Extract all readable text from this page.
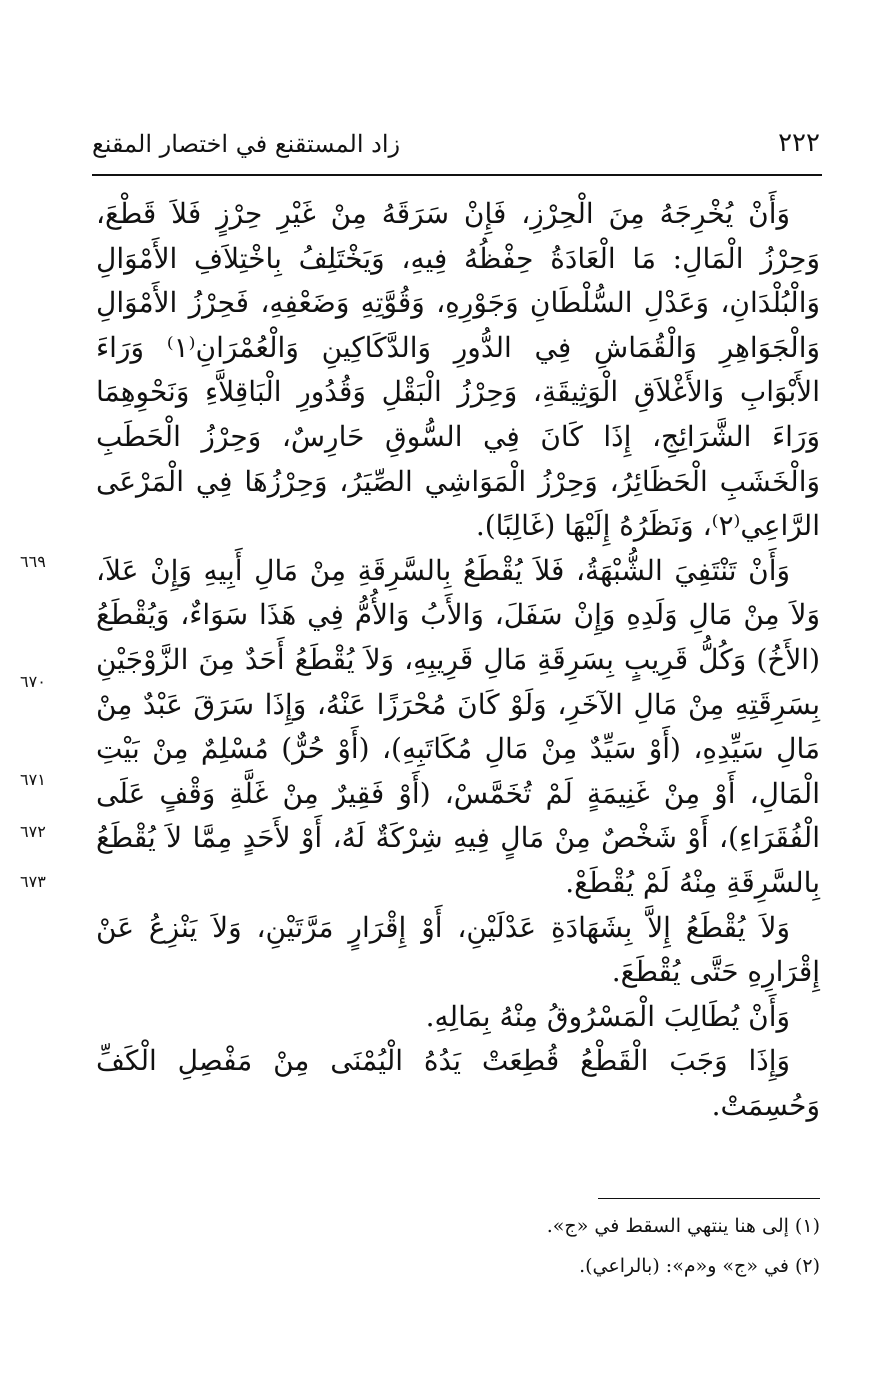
٢٢٢
زاد المستقنع في اختصار المقنع

وَأَنْ يُخْرِجَهُ مِنَ الْحِرْزِ، فَإِنْ سَرَقَهُ مِنْ غَيْرِ حِرْزٍ فَلاَ قَطْعَ، وَحِرْزُ الْمَالِ: مَا الْعَادَةُ حِفْظُهُ فِيهِ، وَيَخْتَلِفُ بِاخْتِلاَفِ الأَمْوَالِ وَالْبُلْدَانِ، وَعَدْلِ السُّلْطَانِ وَجَوْرِهِ، وَقُوَّتِهِ وَضَعْفِهِ، فَحِرْزُ الأَمْوَالِ وَالْجَوَاهِرِ وَالْقُمَاشِ فِي الدُّورِ وَالدَّكَاكِينِ وَالْعُمْرَانِ⁽١⁾ وَرَاءَ الأَبْوَابِ وَالأَغْلاَقِ الْوَثِيقَةِ، وَحِرْزُ الْبَقْلِ وَقُدُورِ الْبَاقِلاَّءِ وَنَحْوِهِمَا وَرَاءَ الشَّرَائِجِ، إِذَا كَانَ فِي السُّوقِ حَارِسٌ، وَحِرْزُ الْحَطَبِ وَالْخَشَبِ الْحَظَائِرُ، وَحِرْزُ الْمَوَاشِي الصِّيَرُ، وَحِرْزُهَا فِي الْمَرْعَى الرَّاعِي⁽٢⁾، وَنَظَرُهُ إِلَيْهَا (غَالِبًا).

وَأَنْ تَنْتَفِيَ الشُّبْهَةُ، فَلاَ يُقْطَعُ بِالسَّرِقَةِ مِنْ مَالِ أَبِيهِ وَإِنْ عَلاَ، وَلاَ مِنْ مَالِ وَلَدِهِ وَإِنْ سَفَلَ، وَالأَبُ وَالأُمُّ فِي هَذَا سَوَاءٌ، وَيُقْطَعُ (الأَخُ) وَكُلُّ قَرِيبٍ بِسَرِقَةِ مَالِ قَرِيبِهِ، وَلاَ يُقْطَعُ أَحَدٌ مِنَ الزَّوْجَيْنِ بِسَرِقَتِهِ مِنْ مَالِ الآخَرِ، وَلَوْ كَانَ مُحْرَزًا عَنْهُ، وَإِذَا سَرَقَ عَبْدٌ مِنْ مَالِ سَيِّدِهِ، (أَوْ سَيِّدٌ مِنْ مَالِ مُكَاتَبِهِ)، (أَوْ حُرٌّ) مُسْلِمٌ مِنْ بَيْتِ الْمَالِ، أَوْ مِنْ غَنِيمَةٍ لَمْ تُخَمَّسْ، (أَوْ فَقِيرٌ مِنْ غَلَّةِ وَقْفٍ عَلَى الْفُقَرَاءِ)، أَوْ شَخْصٌ مِنْ مَالٍ فِيهِ شِرْكَةٌ لَهُ، أَوْ لأَحَدٍ مِمَّا لاَ يُقْطَعُ بِالسَّرِقَةِ مِنْهُ لَمْ يُقْطَعْ.

وَلاَ يُقْطَعُ إِلاَّ بِشَهَادَةِ عَدْلَيْنِ، أَوْ إِقْرَارٍ مَرَّتَيْنِ، وَلاَ يَنْزِعُ عَنْ إِقْرَارِهِ حَتَّى يُقْطَعَ.

وَأَنْ يُطَالِبَ الْمَسْرُوقُ مِنْهُ بِمَالِهِ.

وَإِذَا وَجَبَ الْقَطْعُ قُطِعَتْ يَدُهُ الْيُمْنَى مِنْ مَفْصِلِ الْكَفِّ وَحُسِمَتْ.

٦٦٩
٦٧٠
٦٧١
٦٧٢
٦٧٣

(١) إلى هنا ينتهي السقط في «ج».

(٢) في «ج» و«م»: (بالراعي).
